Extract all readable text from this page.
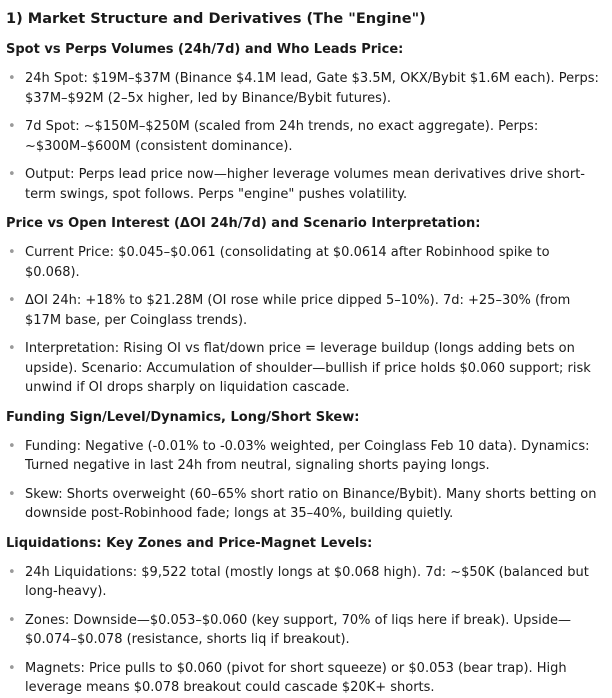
1) Market Structure and Derivatives (The "Engine")
Spot vs Perps Volumes (24h/7d) and Who Leads Price:
• 24h Spot: $19M–$37M (Binance $4.1M lead, Gate $3.5M, OKX/Bybit $1.6M each). Perps: $37M–$92M (2–5x higher, led by Binance/Bybit futures).
• 7d Spot: ~$150M–$250M (scaled from 24h trends, no exact aggregate). Perps: ~$300M–$600M (consistent dominance).
• Output: Perps lead price now—higher leverage volumes mean derivatives drive short-term swings, spot follows. Perps "engine" pushes volatility.
Price vs Open Interest (ΔOI 24h/7d) and Scenario Interpretation:
• Current Price: $0.045–$0.061 (consolidating at $0.0614 after Robinhood spike to $0.068).
• ΔOI 24h: +18% to $21.28M (OI rose while price dipped 5–10%). 7d: +25–30% (from $17M base, per Coinglass trends).
• Interpretation: Rising OI vs flat/down price = leverage buildup (longs adding bets on upside). Scenario: Accumulation of shoulder—bullish if price holds $0.060 support; risk unwind if OI drops sharply on liquidation cascade.
Funding Sign/Level/Dynamics, Long/Short Skew:
• Funding: Negative (-0.01% to -0.03% weighted, per Coinglass Feb 10 data). Dynamics: Turned negative in last 24h from neutral, signaling shorts paying longs.
• Skew: Shorts overweight (60–65% short ratio on Binance/Bybit). Many shorts betting on downside post-Robinhood fade; longs at 35–40%, building quietly.
Liquidations: Key Zones and Price-Magnet Levels:
• 24h Liquidations: $9,522 total (mostly longs at $0.068 high). 7d: ~$50K (balanced but long-heavy).
• Zones: Downside—$0.053–$0.060 (key support, 70% of liqs here if break). Upside—$0.074–$0.078 (resistance, shorts liq if breakout).
• Magnets: Price pulls to $0.060 (pivot for short squeeze) or $0.053 (bear trap). High leverage means $0.078 breakout could cascade $20K+ shorts.
